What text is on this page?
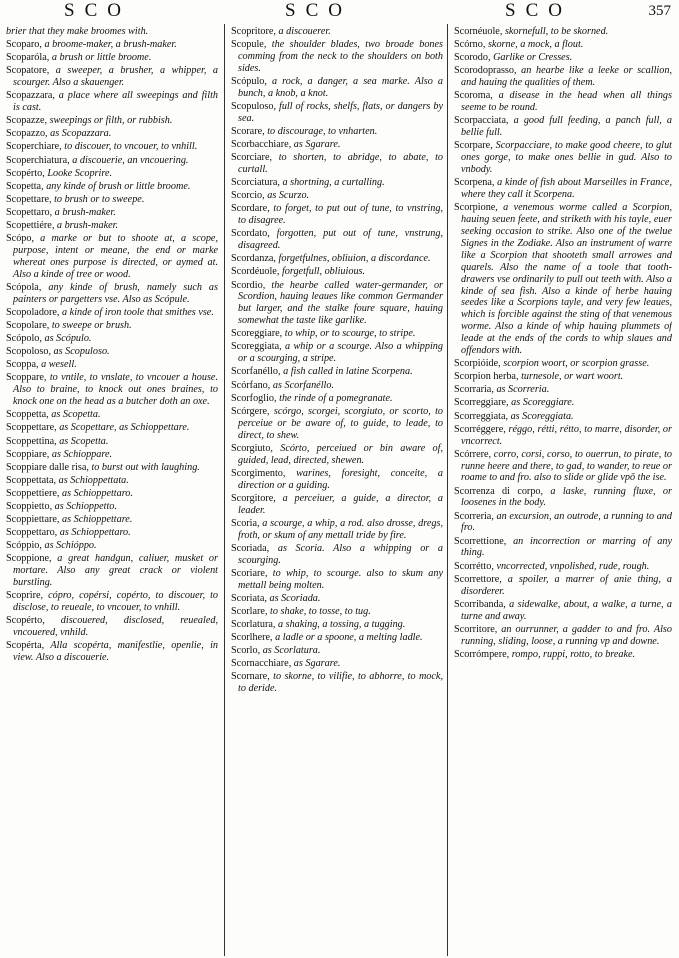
SCO	SCO	SCO	357

brier that they make broomes with.

Scoparo, a broome-maker, a brush-maker.

Scoparóla, a brush or little broome.

Scopatore, a sweeper, a brusher, a whipper, a scourger. Also a skauenger.

Scopazzara, a place where all sweepings and filth is cast.

Scopazze, sweepings or filth, or rubbish.

Scopazzo, as Scopazzara.

Scoperchiare, to discouer, to vncouer, to vnhill.

Scoperchiatura, a discouerie, an vncouering.

Scopérto, Looke Scoprire.

Scopetta, any kinde of brush or little broome.

Scopettare, to brush or to sweepe.

Scopettaro, a brush-maker.

Scopettiére, a brush-maker.

Scópo, a marke or but to shoote at, a scope, purpose, intent or meane, the end or marke whereat ones purpose is directed, or aymed at. Also a kinde of tree or wood.

Scópola, any kinde of brush, namely such as painters or pargetters vse. Also as Scópule.

Scopoladore, a kinde of iron toole that smithes vse.

Scopolare, to sweepe or brush.

Scópolo, as Scópulo.

Scopoloso, as Scopuloso.

Scoppa, a wesell.

Scoppare, to vntile, to vnslate, to vncouer a house. Also to braine, to knock out ones braines, to knock one on the head as a butcher doth an oxe.

Scoppetta, as Scopetta.

Scoppettare, as Scopettare, as Schioppettare.

Scoppettina, as Scopetta.

Scoppiare, as Schioppare.

Scoppiare dalle risa, to burst out with laughing.

Scoppettata, as Schioppettata.

Scoppettiere, as Schioppettaro.

Scoppietto, as Schioppetto.

Scoppiettare, as Schioppettare.

Scoppettaro, as Schioppettaro.

Scóppio, as Schióppo.

Scoppione, a great handgun, caliuer, musket or mortare. Also any great crack or violent burstling.

Scoprire, cópro, copérsi, copérto, to discouer, to disclose, to reueale, to vncouer, to vnhill.

Scopérto, discouered, disclosed, reuealed, vncouered, vnhild.

Scopérta, Alla scopérta, manifestlie, openlie, in view. Also a discouerie.

Scopritore, a discouerer.

Scopule, the shoulder blades, two broade bones comming from the neck to the shoulders on both sides.

Scópulo, a rock, a danger, a sea marke. Also a bunch, a knob, a knot.

Scopuloso, full of rocks, shelfs, flats, or dangers by sea.

Scorare, to discourage, to vnharten.

Scorbacchiare, as Sgarare.

Scorciare, to shorten, to abridge, to abate, to curtall.

Scorciatura, a shortning, a curtalling.

Scorcio, as Scurzo.

Scordare, to forget, to put out of tune, to vnstring, to disagree.

Scordato, forgotten, put out of tune, vnstrung, disagreed.

Scordanza, forgetfulnes, obliuion, a discordance.

Scordéuole, forgetfull, obliuious.

Scordio, the hearbe called water-germander, or Scordion, hauing leaues like common Germander but larger, and the stalke foure square, hauing somewhat the taste like garlike.

Scoreggiare, to whip, or to scourge, to stripe.

Scoreggiata, a whip or a scourge. Also a whipping or a scourging, a stripe.

Scorfanéllo, a fish called in latine Scorpena.

Scórfano, as Scorfanéllo.

Scorfoglio, the rinde of a pomegranate.

Scórgere, scórgo, scorgei, scorgiuto, or scorto, to perceiue or be aware of, to guide, to leade, to direct, to shew.

Scorgiuto, Scórto, perceiued or bin aware of, guided, lead, directed, shewen.

Scorgimento, warines, foresight, conceite, a direction or a guiding.

Scorgitore, a perceiuer, a guide, a director, a leader.

Scoria, a scourge, a whip, a rod. also drosse, dregs, froth, or skum of any mettall tride by fire.

Scoriada, as Scoria. Also a whipping or a scourging.

Scoriare, to whip, to scourge. also to skum any mettall being molten.

Scoriata, as Scoriada.

Scorlare, to shake, to tosse, to tug.

Scorlatura, a shaking, a tossing, a tugging.

Scorlhere, a ladle or a spoone, a melting ladle.

Scorlo, as Scorlatura.

Scornacchiare, as Sgarare.

Scornare, to skorne, to vilifie, to abhorre, to mock, to deride.

Scornéuole, skornefull, to be skorned.

Scórno, skorne, a mock, a flout.

Scorodo, Garlike or Cresses.

Scorodoprasso, an hearbe like a leeke or scallion, and hauing the qualities of them.

Scoroma, a disease in the head when all things seeme to be round.

Scorpacciata, a good full feeding, a panch full, a bellie full.

Scorpare, Scorpacciare, to make good cheere, to glut ones gorge, to make ones bellie in gud. Also to vnbody.

Scorpena, a kinde of fish about Marseilles in France, where they call it Scorpena.

Scorpione, a venemous worme called a Scorpion, hauing seuen feete, and striketh with his tayle, euer seeking occasion to strike. Also one of the twelue Signes in the Zodiake. Also an instrument of warre like a Scorpion that shooteth small arrowes and quarels. Also the name of a toole that tooth-drawers vse ordinarily to pull out teeth with. Also a kinde of sea fish. Also a kinde of herbe hauing seedes like a Scorpions tayle, and very few leaues, which is forcible against the sting of that venemous worme. Also a kinde of whip hauing plummets of leade at the ends of the cords to whip slaues and offendors with.

Scorpióide, scorpion woort, or scorpion grasse.

Scorpion herba, turnesole, or wart woort.

Scorraria, as Scorreria.

Scorreggiare, as Scoreggiare.

Scorreggiata, as Scoreggiata.

Scorréggere, réggo, rétti, rétto, to marre, disorder, or vncorrect.

Scórrere, corro, corsi, corso, to ouerrun, to pirate, to runne heere and there, to gad, to wander, to reue or roame to and fro. also to slide or glide vpō the ise.

Scorrenza di corpo, a laske, running fluxe, or loosenes in the body.

Scorreria, an excursion, an outrode, a running to and fro.

Scorrettione, an incorrection or marring of any thing.

Scorrétto, vncorrected, vnpolished, rude, rough.

Scorrettore, a spoiler, a marrer of anie thing, a disorderer.

Scorribanda, a sidewalke, about, a walke, a turne, a turne and away.

Scorritore, an ourrunner, a gadder to and fro. Also running, sliding, loose, a running vp and downe.

Scorrómpere, rompo, ruppi, rotto, to breake.
